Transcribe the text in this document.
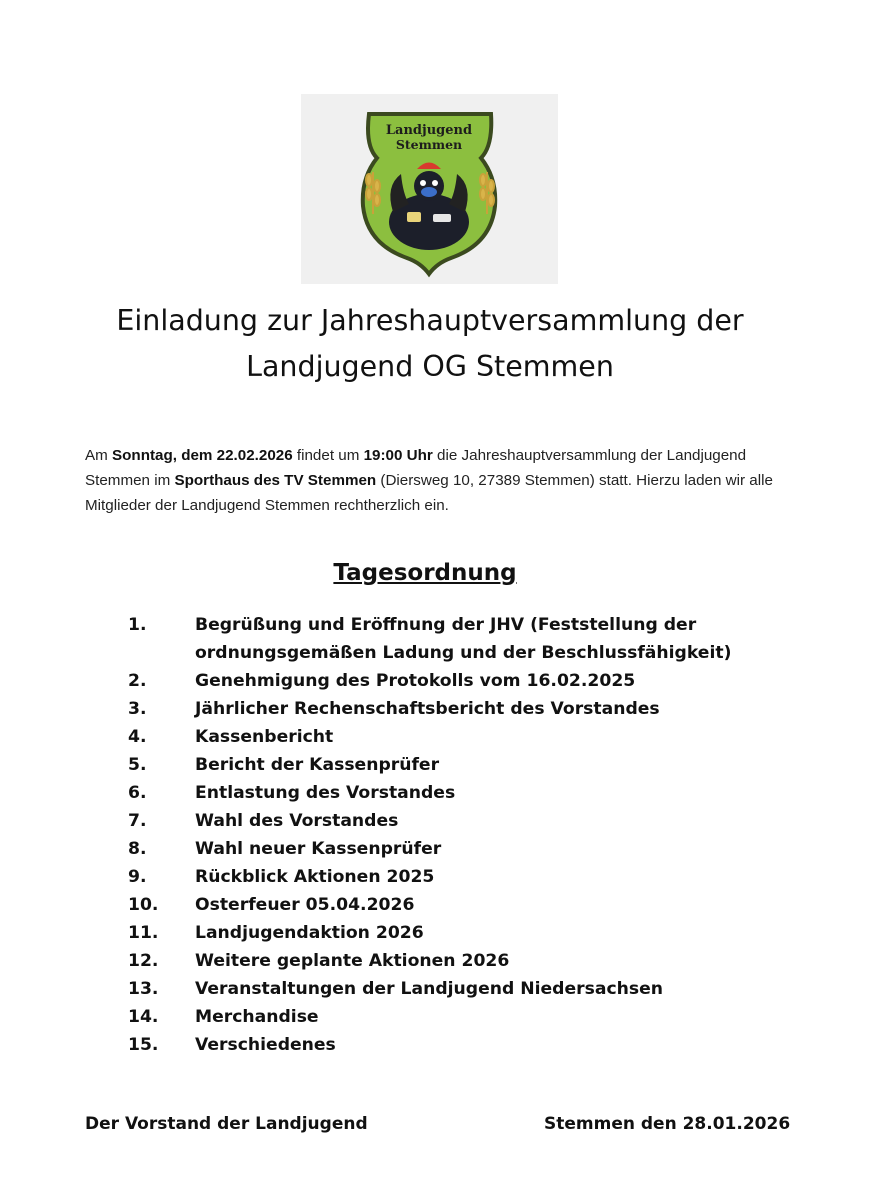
Landjugend
Stemmen
Einladung zur Jahreshauptversammlung der
Landjugend OG Stemmen
Am Sonntag, dem 22.02.2026 findet um 19:00 Uhr die Jahreshauptversammlung der Landjugend Stemmen im Sporthaus des TV Stemmen (Diersweg 10, 27389 Stemmen) statt. Hierzu laden wir alle Mitglieder der Landjugend Stemmen rechtherzlich ein.
Tagesordnung
1.	Begrüßung und Eröffnung der JHV (Feststellung der ordnungsgemäßen Ladung und der Beschlussfähigkeit)
2.	Genehmigung des Protokolls vom 16.02.2025
3.	Jährlicher Rechenschaftsbericht des Vorstandes
4.	Kassenbericht
5.	Bericht der Kassenprüfer
6.	Entlastung des Vorstandes
7.	Wahl des Vorstandes
8.	Wahl neuer Kassenprüfer
9.	Rückblick Aktionen 2025
10.	Osterfeuer 05.04.2026
11.	Landjugendaktion 2026
12.	Weitere geplante Aktionen 2026
13.	Veranstaltungen der Landjugend Niedersachsen
14.	Merchandise
15.	Verschiedenes
Der Vorstand der Landjugend	Stemmen den 28.01.2026
